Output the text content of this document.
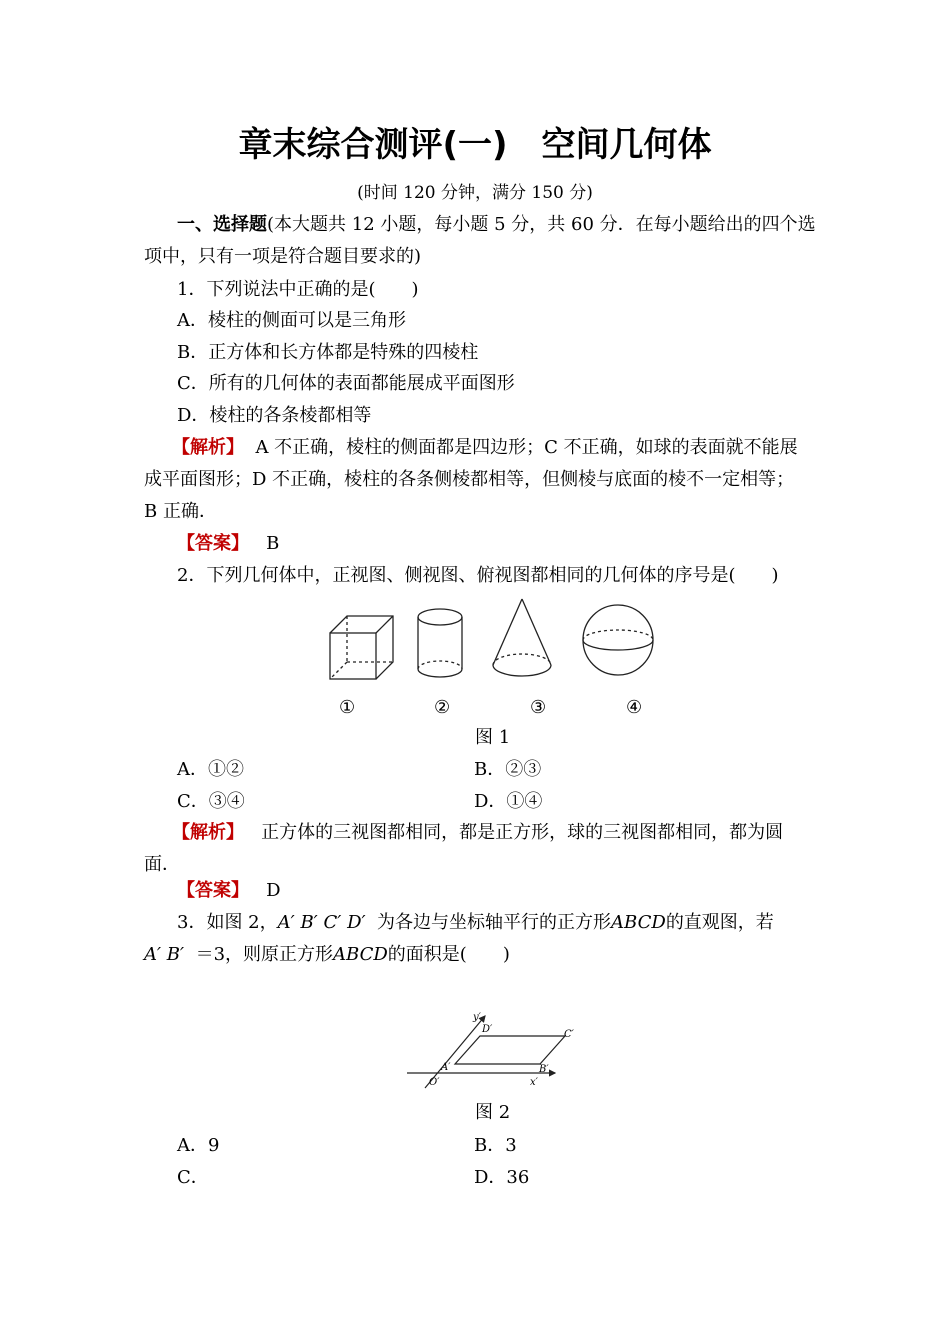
章末综合测评(一)　空间几何体
(时间 120 分钟，满分 150 分)
一、选择题(本大题共 12 小题，每小题 5 分，共 60 分．在每小题给出的四个选
项中，只有一项是符合题目要求的)
1．下列说法中正确的是(　　)
A．棱柱的侧面可以是三角形
B．正方体和长方体都是特殊的四棱柱
C．所有的几何体的表面都能展成平面图形
D．棱柱的各条棱都相等
【解析】 A 不正确，棱柱的侧面都是四边形；C 不正确，如球的表面就不能展
成平面图形；D 不正确，棱柱的各条侧棱都相等，但侧棱与底面的棱不一定相等；
B 正确．
【答案】 B
2．下列几何体中，正视图、侧视图、俯视图都相同的几何体的序号是(　　)
①	②	③	④
图 1
A．①②	B．②③
C．③④	D．①④
【解析】 正方体的三视图都相同，都是正方形，球的三视图都相同，都为圆
面．
【答案】 D
3．如图 2，A′ B′ C′ D′ 为各边与坐标轴平行的正方形ABCD的直观图，若
A′ B′ ＝3，则原正方形ABCD的面积是(　　)
y′
D′	C′
A′	B′
O′	x′
图 2
A．9	B．3
C．	D．36
